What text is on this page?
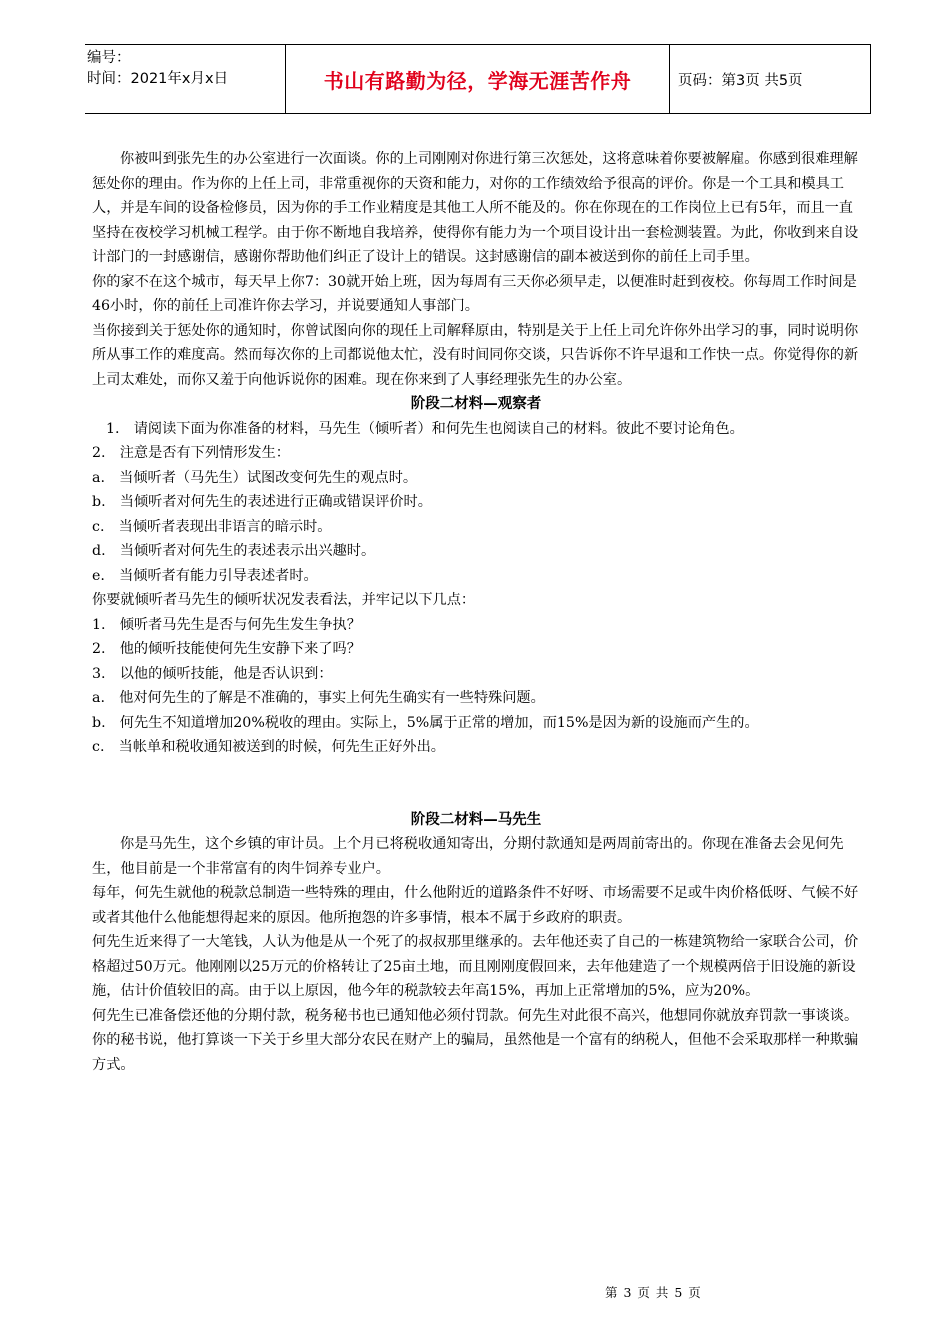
编号：
时间：2021年x月x日	书山有路勤为径，学海无涯苦作舟	页码：第3页 共5页

你被叫到张先生的办公室进行一次面谈。你的上司刚刚对你进行第三次惩处，这将意味着你要被解雇。你感到很难理解惩处你的理由。作为你的上任上司，非常重视你的天资和能力，对你的工作绩效给予很高的评价。你是一个工具和模具工人，并是车间的设备检修员，因为你的手工作业精度是其他工人所不能及的。你在你现在的工作岗位上已有5年，而且一直坚持在夜校学习机械工程学。由于你不断地自我培养，使得你有能力为一个项目设计出一套检测装置。为此，你收到来自设计部门的一封感谢信，感谢你帮助他们纠正了设计上的错误。这封感谢信的副本被送到你的前任上司手里。

你的家不在这个城市，每天早上你7：30就开始上班，因为每周有三天你必须早走，以便准时赶到夜校。你每周工作时间是46小时，你的前任上司准许你去学习，并说要通知人事部门。

当你接到关于惩处你的通知时，你曾试图向你的现任上司解释原由，特别是关于上任上司允许你外出学习的事，同时说明你所从事工作的难度高。然而每次你的上司都说他太忙，没有时间同你交谈，只告诉你不许早退和工作快一点。你觉得你的新上司太难处，而你又羞于向他诉说你的困难。现在你来到了人事经理张先生的办公室。

阶段二材料—观察者

1.　请阅读下面为你准备的材料，马先生（倾听者）和何先生也阅读自己的材料。彼此不要讨论角色。

2.　注意是否有下列情形发生：

a.　当倾听者（马先生）试图改变何先生的观点时。

b.　当倾听者对何先生的表述进行正确或错误评价时。

c.　当倾听者表现出非语言的暗示时。

d.　当倾听者对何先生的表述表示出兴趣时。

e.　当倾听者有能力引导表述者时。

你要就倾听者马先生的倾听状况发表看法，并牢记以下几点：

1.　倾听者马先生是否与何先生发生争执？

2.　他的倾听技能使何先生安静下来了吗？

3.　以他的倾听技能，他是否认识到：

a.　他对何先生的了解是不准确的，事实上何先生确实有一些特殊问题。

b.　何先生不知道增加20%税收的理由。实际上，5%属于正常的增加，而15%是因为新的设施而产生的。

c.　当帐单和税收通知被送到的时候，何先生正好外出。

阶段二材料—马先生

你是马先生，这个乡镇的审计员。上个月已将税收通知寄出，分期付款通知是两周前寄出的。你现在准备去会见何先生，他目前是一个非常富有的肉牛饲养专业户。

每年，何先生就他的税款总制造一些特殊的理由，什么他附近的道路条件不好呀、市场需要不足或牛肉价格低呀、气候不好或者其他什么他能想得起来的原因。他所抱怨的许多事情，根本不属于乡政府的职责。

何先生近来得了一大笔钱，人认为他是从一个死了的叔叔那里继承的。去年他还卖了自己的一栋建筑物给一家联合公司，价格超过50万元。他刚刚以25万元的价格转让了25亩土地，而且刚刚度假回来，去年他建造了一个规模两倍于旧设施的新设施，估计价值较旧的高。由于以上原因，他今年的税款较去年高15%，再加上正常增加的5%，应为20%。

何先生已准备偿还他的分期付款，税务秘书也已通知他必须付罚款。何先生对此很不高兴，他想同你就放弃罚款一事谈谈。你的秘书说，他打算谈一下关于乡里大部分农民在财产上的骗局，虽然他是一个富有的纳税人，但他不会采取那样一种欺骗方式。

第 3 页 共 5 页
